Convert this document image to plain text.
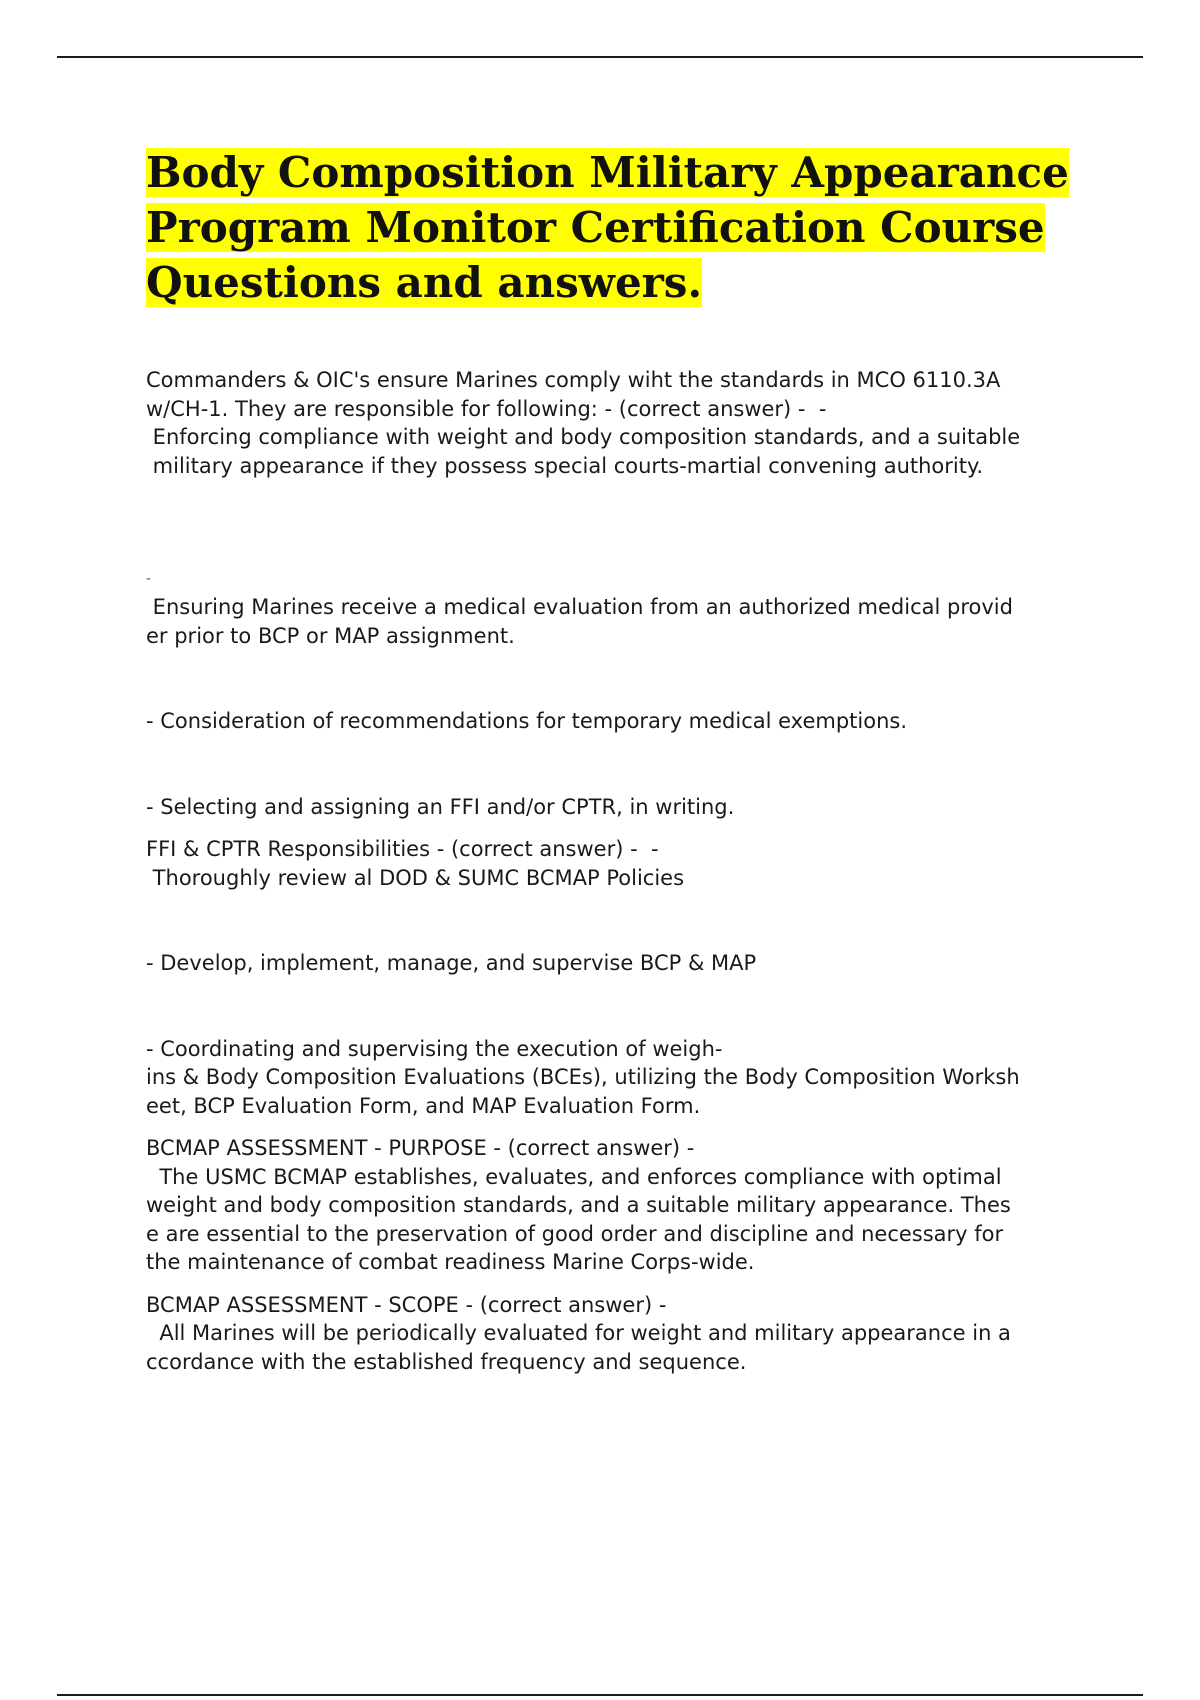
Body Composition Military Appearance
Program Monitor Certification Course
Questions and answers.
Commanders & OIC's ensure Marines comply wiht the standards in MCO 6110.3A
w/CH-1. They are responsible for following: - (correct answer) -  -
Enforcing compliance with weight and body composition standards, and a suitable
military appearance if they possess special courts-martial convening authority.
-
Ensuring Marines receive a medical evaluation from an authorized medical provid
er prior to BCP or MAP assignment.
- Consideration of recommendations for temporary medical exemptions.
- Selecting and assigning an FFI and/or CPTR, in writing.
FFI & CPTR Responsibilities - (correct answer) -  -
Thoroughly review al DOD & SUMC BCMAP Policies
- Develop, implement, manage, and supervise BCP & MAP
- Coordinating and supervising the execution of weigh-
ins & Body Composition Evaluations (BCEs), utilizing the Body Composition Worksh
eet, BCP Evaluation Form, and MAP Evaluation Form.
BCMAP ASSESSMENT - PURPOSE - (correct answer) -
The USMC BCMAP establishes, evaluates, and enforces compliance with optimal
weight and body composition standards, and a suitable military appearance. Thes
e are essential to the preservation of good order and discipline and necessary for
the maintenance of combat readiness Marine Corps-wide.
BCMAP ASSESSMENT - SCOPE - (correct answer) -
All Marines will be periodically evaluated for weight and military appearance in a
ccordance with the established frequency and sequence.
